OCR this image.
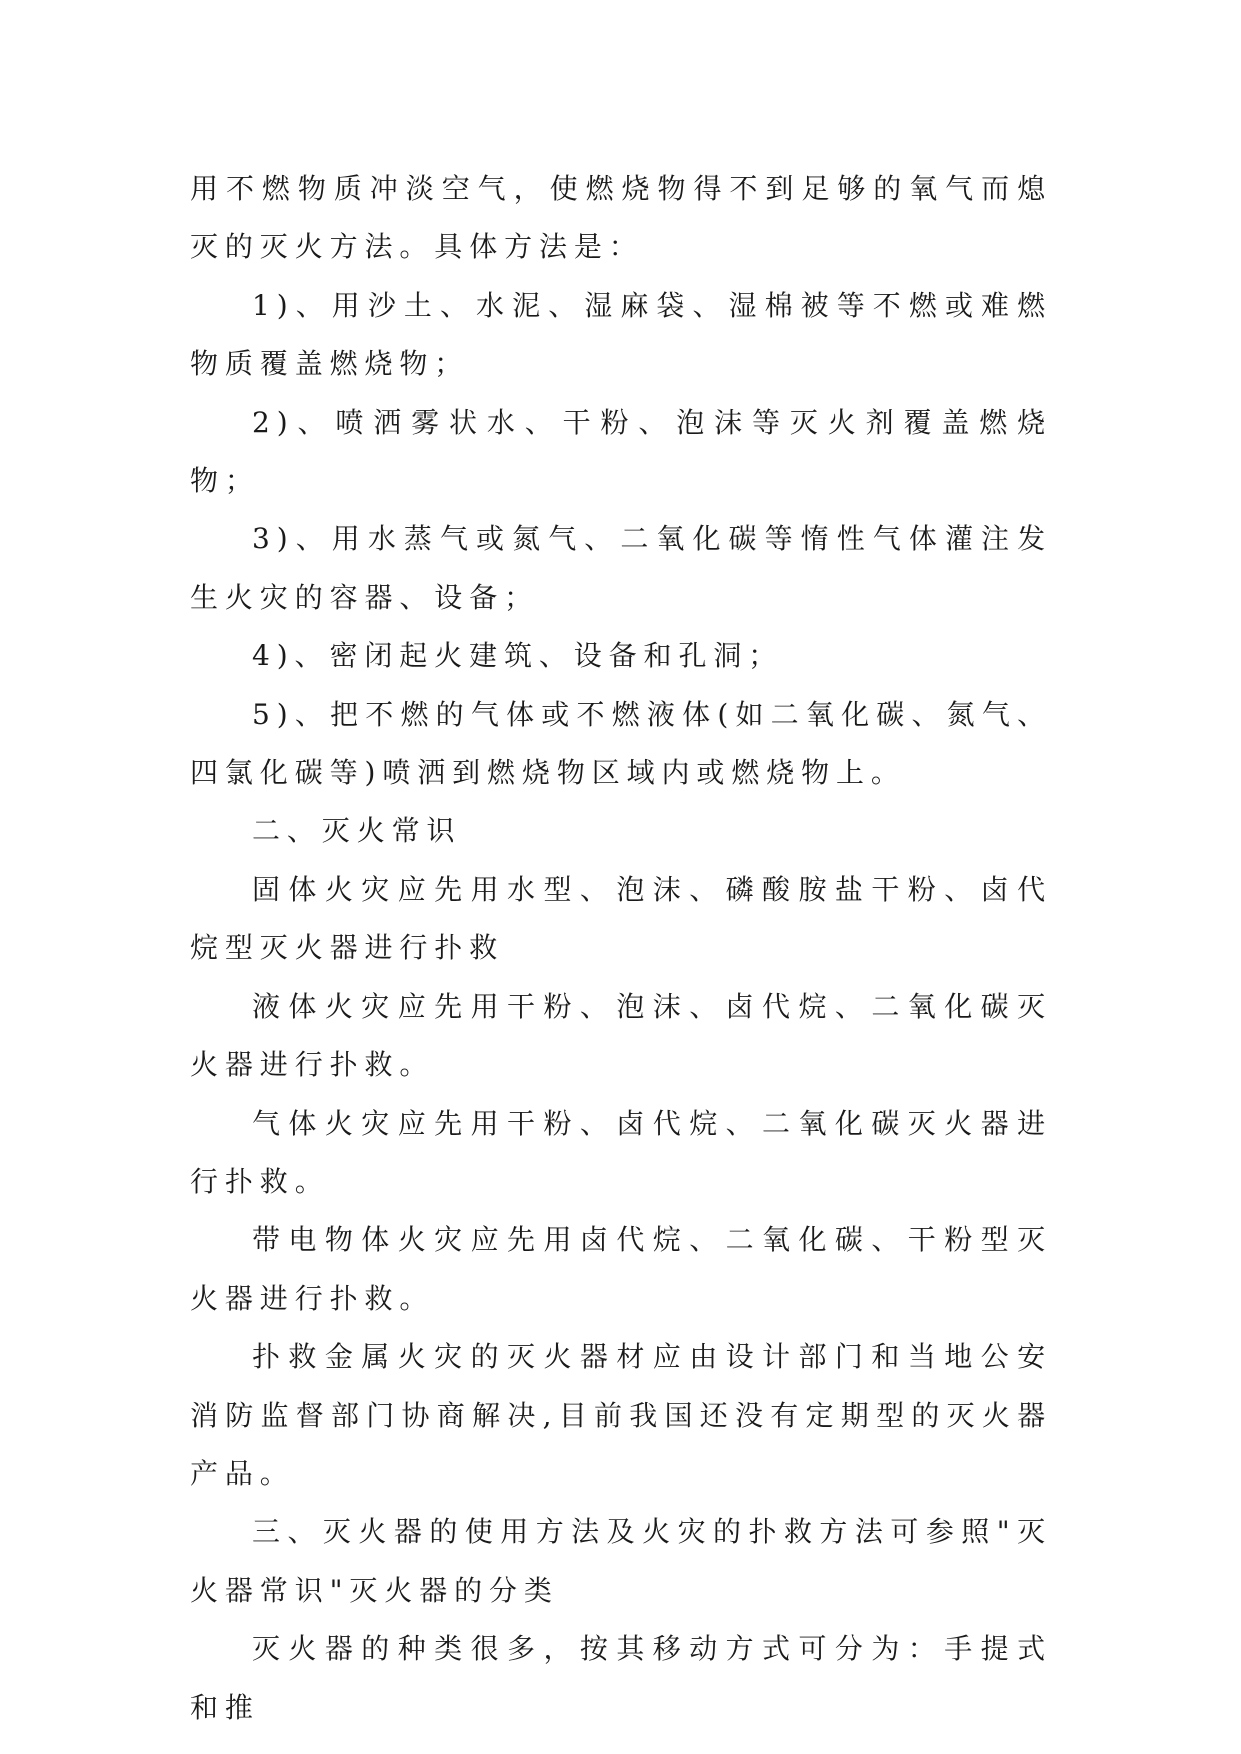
用不燃物质冲淡空气，使燃烧物得不到足够的氧气而熄灭的灭火方法。具体方法是：

1)、用沙土、水泥、湿麻袋、湿棉被等不燃或难燃物质覆盖燃烧物；

2)、喷洒雾状水、干粉、泡沫等灭火剂覆盖燃烧物；

3)、用水蒸气或氮气、二氧化碳等惰性气体灌注发生火灾的容器、设备；

4)、密闭起火建筑、设备和孔洞；

5)、把不燃的气体或不燃液体(如二氧化碳、氮气、四氯化碳等)喷洒到燃烧物区域内或燃烧物上。

二、灭火常识

固体火灾应先用水型、泡沫、磷酸胺盐干粉、卤代烷型灭火器进行扑救

液体火灾应先用干粉、泡沫、卤代烷、二氧化碳灭火器进行扑救。

气体火灾应先用干粉、卤代烷、二氧化碳灭火器进行扑救。

带电物体火灾应先用卤代烷、二氧化碳、干粉型灭火器进行扑救。

扑救金属火灾的灭火器材应由设计部门和当地公安消防监督部门协商解决,目前我国还没有定期型的灭火器产品。

三、灭火器的使用方法及火灾的扑救方法可参照"灭火器常识"灭火器的分类

灭火器的种类很多，按其移动方式可分为：手提式和推
